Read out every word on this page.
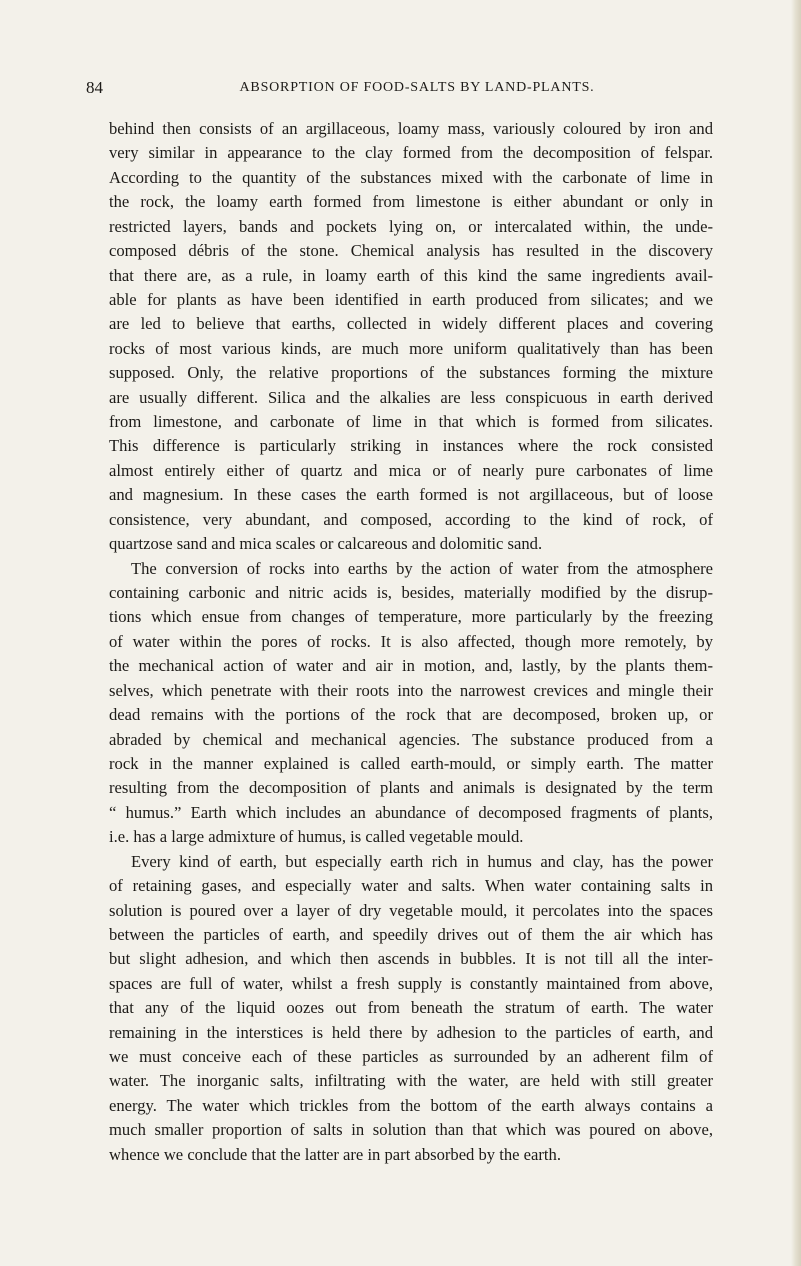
84	ABSORPTION OF FOOD-SALTS BY LAND-PLANTS.
behind then consists of an argillaceous, loamy mass, variously coloured by iron and
very similar in appearance to the clay formed from the decomposition of felspar.
According to the quantity of the substances mixed with the carbonate of lime in
the rock, the loamy earth formed from limestone is either abundant or only in
restricted layers, bands and pockets lying on, or intercalated within, the unde-
composed débris of the stone. Chemical analysis has resulted in the discovery
that there are, as a rule, in loamy earth of this kind the same ingredients avail-
able for plants as have been identified in earth produced from silicates; and we
are led to believe that earths, collected in widely different places and covering
rocks of most various kinds, are much more uniform qualitatively than has been
supposed. Only, the relative proportions of the substances forming the mixture
are usually different. Silica and the alkalies are less conspicuous in earth derived
from limestone, and carbonate of lime in that which is formed from silicates.
This difference is particularly striking in instances where the rock consisted
almost entirely either of quartz and mica or of nearly pure carbonates of lime
and magnesium. In these cases the earth formed is not argillaceous, but of loose
consistence, very abundant, and composed, according to the kind of rock, of
quartzose sand and mica scales or calcareous and dolomitic sand.
The conversion of rocks into earths by the action of water from the atmosphere
containing carbonic and nitric acids is, besides, materially modified by the disrup-
tions which ensue from changes of temperature, more particularly by the freezing
of water within the pores of rocks. It is also affected, though more remotely, by
the mechanical action of water and air in motion, and, lastly, by the plants them-
selves, which penetrate with their roots into the narrowest crevices and mingle their
dead remains with the portions of the rock that are decomposed, broken up, or
abraded by chemical and mechanical agencies. The substance produced from a
rock in the manner explained is called earth-mould, or simply earth. The matter
resulting from the decomposition of plants and animals is designated by the term
“ humus.” Earth which includes an abundance of decomposed fragments of plants,
i.e. has a large admixture of humus, is called vegetable mould.
Every kind of earth, but especially earth rich in humus and clay, has the power
of retaining gases, and especially water and salts. When water containing salts in
solution is poured over a layer of dry vegetable mould, it percolates into the spaces
between the particles of earth, and speedily drives out of them the air which has
but slight adhesion, and which then ascends in bubbles. It is not till all the inter-
spaces are full of water, whilst a fresh supply is constantly maintained from above,
that any of the liquid oozes out from beneath the stratum of earth. The water
remaining in the interstices is held there by adhesion to the particles of earth, and
we must conceive each of these particles as surrounded by an adherent film of
water. The inorganic salts, infiltrating with the water, are held with still greater
energy. The water which trickles from the bottom of the earth always contains a
much smaller proportion of salts in solution than that which was poured on above,
whence we conclude that the latter are in part absorbed by the earth.
